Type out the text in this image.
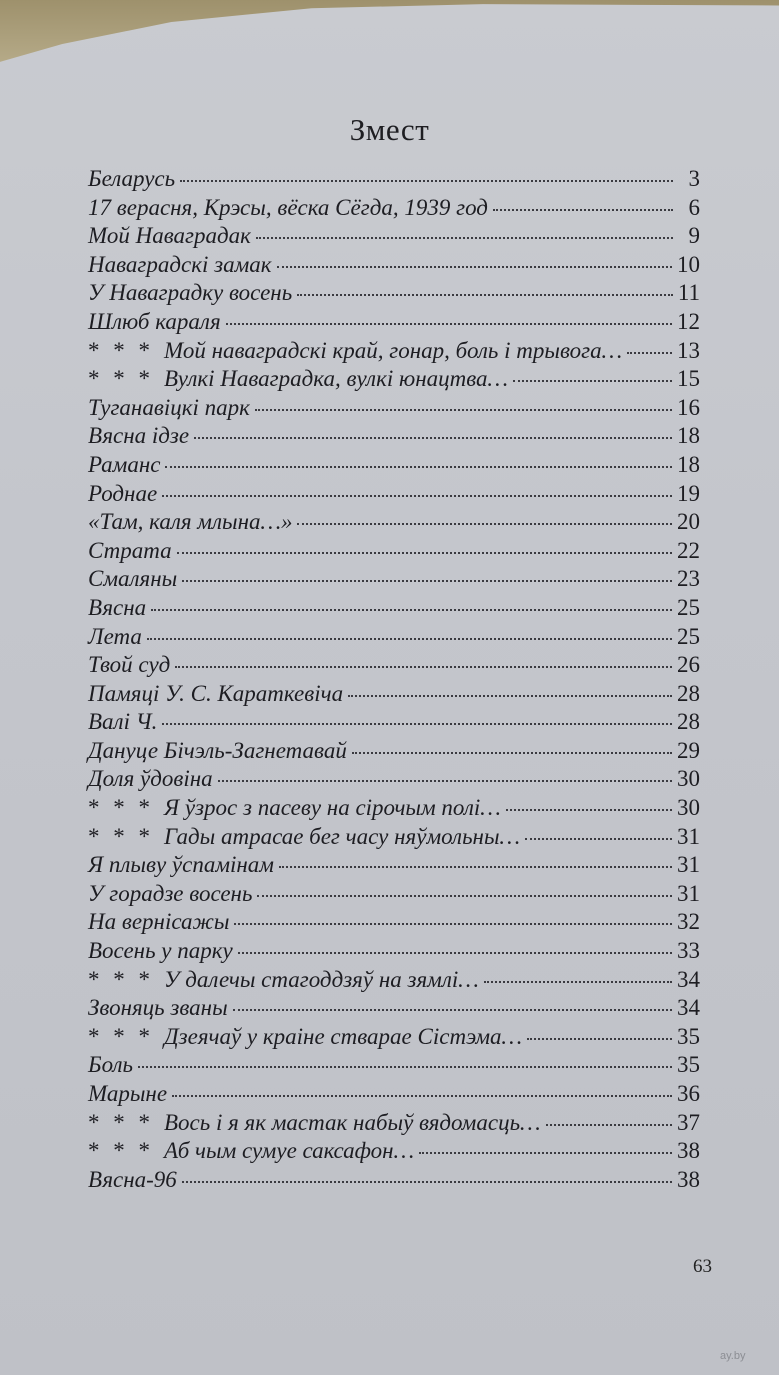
Змест
Беларусь	3
17 верасня, Крэсы, вёска Сёгда, 1939 год	6
Мой Наваградак	9
Наваградскі замак	10
У Наваградку восень	11
Шлюб караля	12
* * * Мой наваградскі край, гонар, боль і трывога… 13
* * * Вулкі Наваградка, вулкі юнацтва…	15
Туганавіцкі парк	16
Вясна ідзе	18
Раманс	18
Роднае	19
«Там, каля млына…»	20
Страта	22
Смаляны	23
Вясна	25
Лета	25
Твой суд	26
Памяці У. С. Караткевіча	28
Валі Ч.	28
Дануце Бічэль-Загнетавай	29
Доля ўдовіна	30
* * * Я ўзрос з пасеву на сірочым полі…	30
* * * Гады атрасае бег часу няўмольны…	31
Я плыву ўспамінам	31
У горадзе восень	31
На вернісажы	32
Восень у парку	33
* * * У далечы стагоддзяў на зямлі…	34
Звоняць званы	34
* * * Дзеячаў у краіне стварае Сістэма…	35
Боль	35
Марыне	36
* * * Вось і я як мастак набыў вядомасць…	37
* * * Аб чым сумуе саксафон…	38
Вясна-96	38
63
ay.by
